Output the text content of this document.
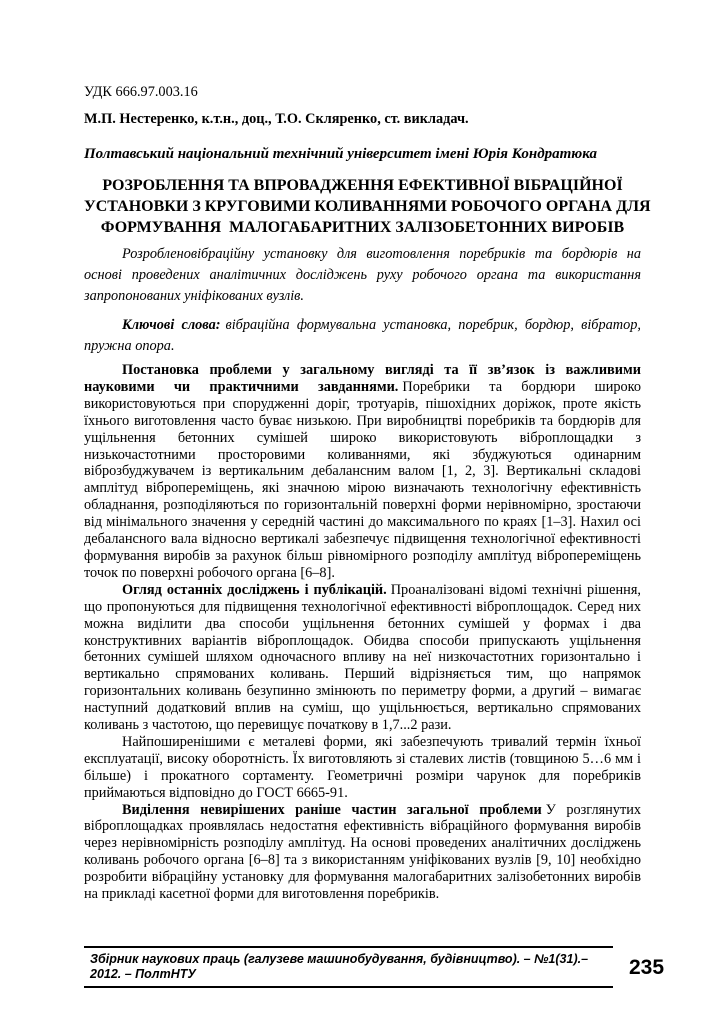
УДК 666.97.003.16
М.П. Нестеренко, к.т.н., доц., Т.О. Скляренко, ст. викладач.
Полтавський національний технічний університет імені Юрія Кондратюка
РОЗРОБЛЕННЯ ТА ВПРОВАДЖЕННЯ ЕФЕКТИВНОЇ ВІБРАЦІЙНОЇ
УСТАНОВКИ З КРУГОВИМИ КОЛИВАННЯМИ РОБОЧОГО ОРГАНА ДЛЯ
ФОРМУВАННЯ  МАЛОГАБАРИТНИХ ЗАЛІЗОБЕТОННИХ ВИРОБІВ

Розробленовібраційну установку для виготовлення поребриків та бордюрів на основі проведених аналітичних досліджень руху робочого органа та використання запропонованих уніфікованих вузлів.

Ключові слова: вібраційна формувальна установка, поребрик, бордюр, вібратор, пружна опора.

Постановка проблеми у загальному вигляді та її зв’язок із важливими науковими чи практичними завданнями. Поребрики та бордюри широко використовуються при спорудженні доріг, тротуарів, пішохідних доріжок, проте якість їхнього виготовлення часто буває низькою. При виробництві поребриків та бордюрів для ущільнення бетонних сумішей широко використовують віброплощадки з низькочастотними просторовими коливаннями, які збуджуються одинарним віброзбуджувачем із вертикальним дебалансним валом [1, 2, 3]. Вертикальні складові амплітуд вібропереміщень, які значною мірою визначають технологічну ефективність обладнання, розподіляються по горизонтальній поверхні форми нерівномірно, зростаючи від мінімального значення у середній частині до максимального по краях [1–3]. Нахил осі дебалансного вала відносно вертикалі забезпечує підвищення технологічної ефективності формування виробів за рахунок більш рівномірного розподілу амплітуд вібропереміщень точок по поверхні робочого органа [6–8].

Огляд останніх досліджень і публікацій. Проаналізовані відомі технічні рішення, що пропонуються для підвищення технологічної ефективності віброплощадок. Серед них можна виділити два способи ущільнення бетонних сумішей у формах і два конструктивних варіантів віброплощадок. Обидва способи припускають ущільнення бетонних сумішей шляхом одночасного впливу на неї низкочастотних горизонтально і вертикально спрямованих коливань. Перший відрізняється тим, що напрямок горизонтальних коливань безупинно змінюють по периметру форми, а другий – вимагає наступний додатковий вплив на суміш, що ущільнюється, вертикально спрямованих коливань з частотою, що перевищує початкову в 1,7...2 рази.

Найпоширенішими є металеві форми, які забезпечують тривалий термін їхньої експлуатації, високу оборотність. Їх виготовляють зі сталевих листів (товщиною 5…6 мм і більше) і прокатного сортаменту. Геометричні розміри чарунок для поребриків приймаються відповідно до ГОСТ 6665-91.

Виділення невирішених раніше частин загальної проблеми У розглянутих віброплощадках проявлялась недостатня ефективність вібраційного формування виробів через нерівномірність розподілу амплітуд. На основі проведених аналітичних досліджень коливань робочого органа [6–8] та з використанням уніфікованих вузлів [9, 10] необхідно розробити вібраційну установку для формування малогабаритних залізобетонних виробів на прикладі касетної форми для виготовлення поребриків.

Збірник наукових праць (галузеве машинобудування, будівництво). – №1(31).– 2012. – ПолтНТУ	235
